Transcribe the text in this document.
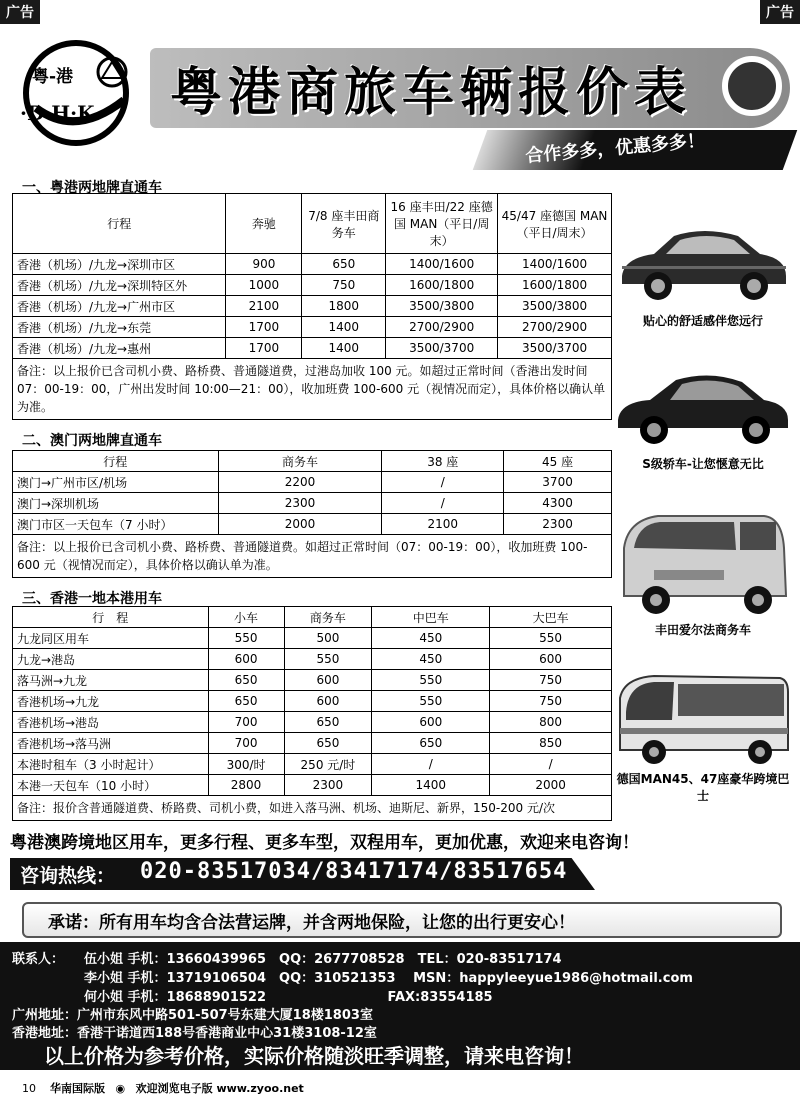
广告	广告
粤-港
·D·H·K 粤港商旅车辆报价表
合作多多，优惠多多！
一、粤港两地牌直通车
行程	奔驰	7/8 座丰田商务车	16 座丰田/22 座德国 MAN（平日/周末）	45/47 座德国 MAN（平日/周末）
香港（机场）/九龙→深圳市区	900	650	1400/1600	1400/1600
香港（机场）/九龙→深圳特区外	1000	750	1600/1800	1600/1800
香港（机场）/九龙→广州市区	2100	1800	3500/3800	3500/3800
香港（机场）/九龙→东莞	1700	1400	2700/2900	2700/2900
香港（机场）/九龙→惠州	1700	1400	3500/3700	3500/3700
备注：以上报价已含司机小费、路桥费、普通隧道费，过港岛加收 100 元。如超过正常时间（香港出发时间 07：00-19：00，广州出发时间 10:00—21：00），收加班费 100-600 元（视情况而定），具体价格以确认单为准。				
二、澳门两地牌直通车
行程	商务车	38 座	45 座
澳门→广州市区/机场	2200	/	3700
澳门→深圳机场	2300	/	4300
澳门市区一天包车（7 小时）	2000	2100	2300
备注：以上报价已含司机小费、路桥费、普通隧道费。如超过正常时间（07：00-19：00），收加班费 100-600 元（视情况而定），具体价格以确认单为准。			
三、香港一地本港用车
行　程	小车	商务车	中巴车	大巴车
九龙同区用车	550	500	450	550
九龙→港岛	600	550	450	600
落马洲→九龙	650	600	550	750
香港机场→九龙	650	600	550	750
香港机场→港岛	700	650	600	800
香港机场→落马洲	700	650	650	850
本港时租车（3 小时起计）	300/时	250 元/时	/	/
本港一天包车（10 小时）	2800	2300	1400	2000
备注：报价含普通隧道费、桥路费、司机小费，如进入落马洲、机场、迪斯尼、新界，150-200 元/次				
贴心的舒适感伴您远行
S级轿车-让您惬意无比
丰田爱尔法商务车
德国MAN45、47座豪华跨境巴士
粤港澳跨境地区用车，更多行程、更多车型，双程用车，更加优惠，欢迎来电咨询！
咨询热线： 020-83517034/83417174/83517654
承诺：所有用车均含合法营运牌，并含两地保险，让您的出行更安心！
联系人： 伍小姐 手机：13660439965　QQ：2677708528　TEL：020-83517174
李小姐 手机：13719106504　QQ：310521353　 MSN：happyleeyue1986@hotmail.com
何小姐 手机：18688901522　　　　　　　　　 FAX:83554185
广州地址：广州市东风中路501-507号东建大厦18楼1803室
香港地址：香港干诺道西188号香港商业中心31楼3108-12室
以上价格为参考价格，实际价格随淡旺季调整，请来电咨询！
10 华南国际版 ◉ 欢迎浏览电子版 www.zyoo.net
